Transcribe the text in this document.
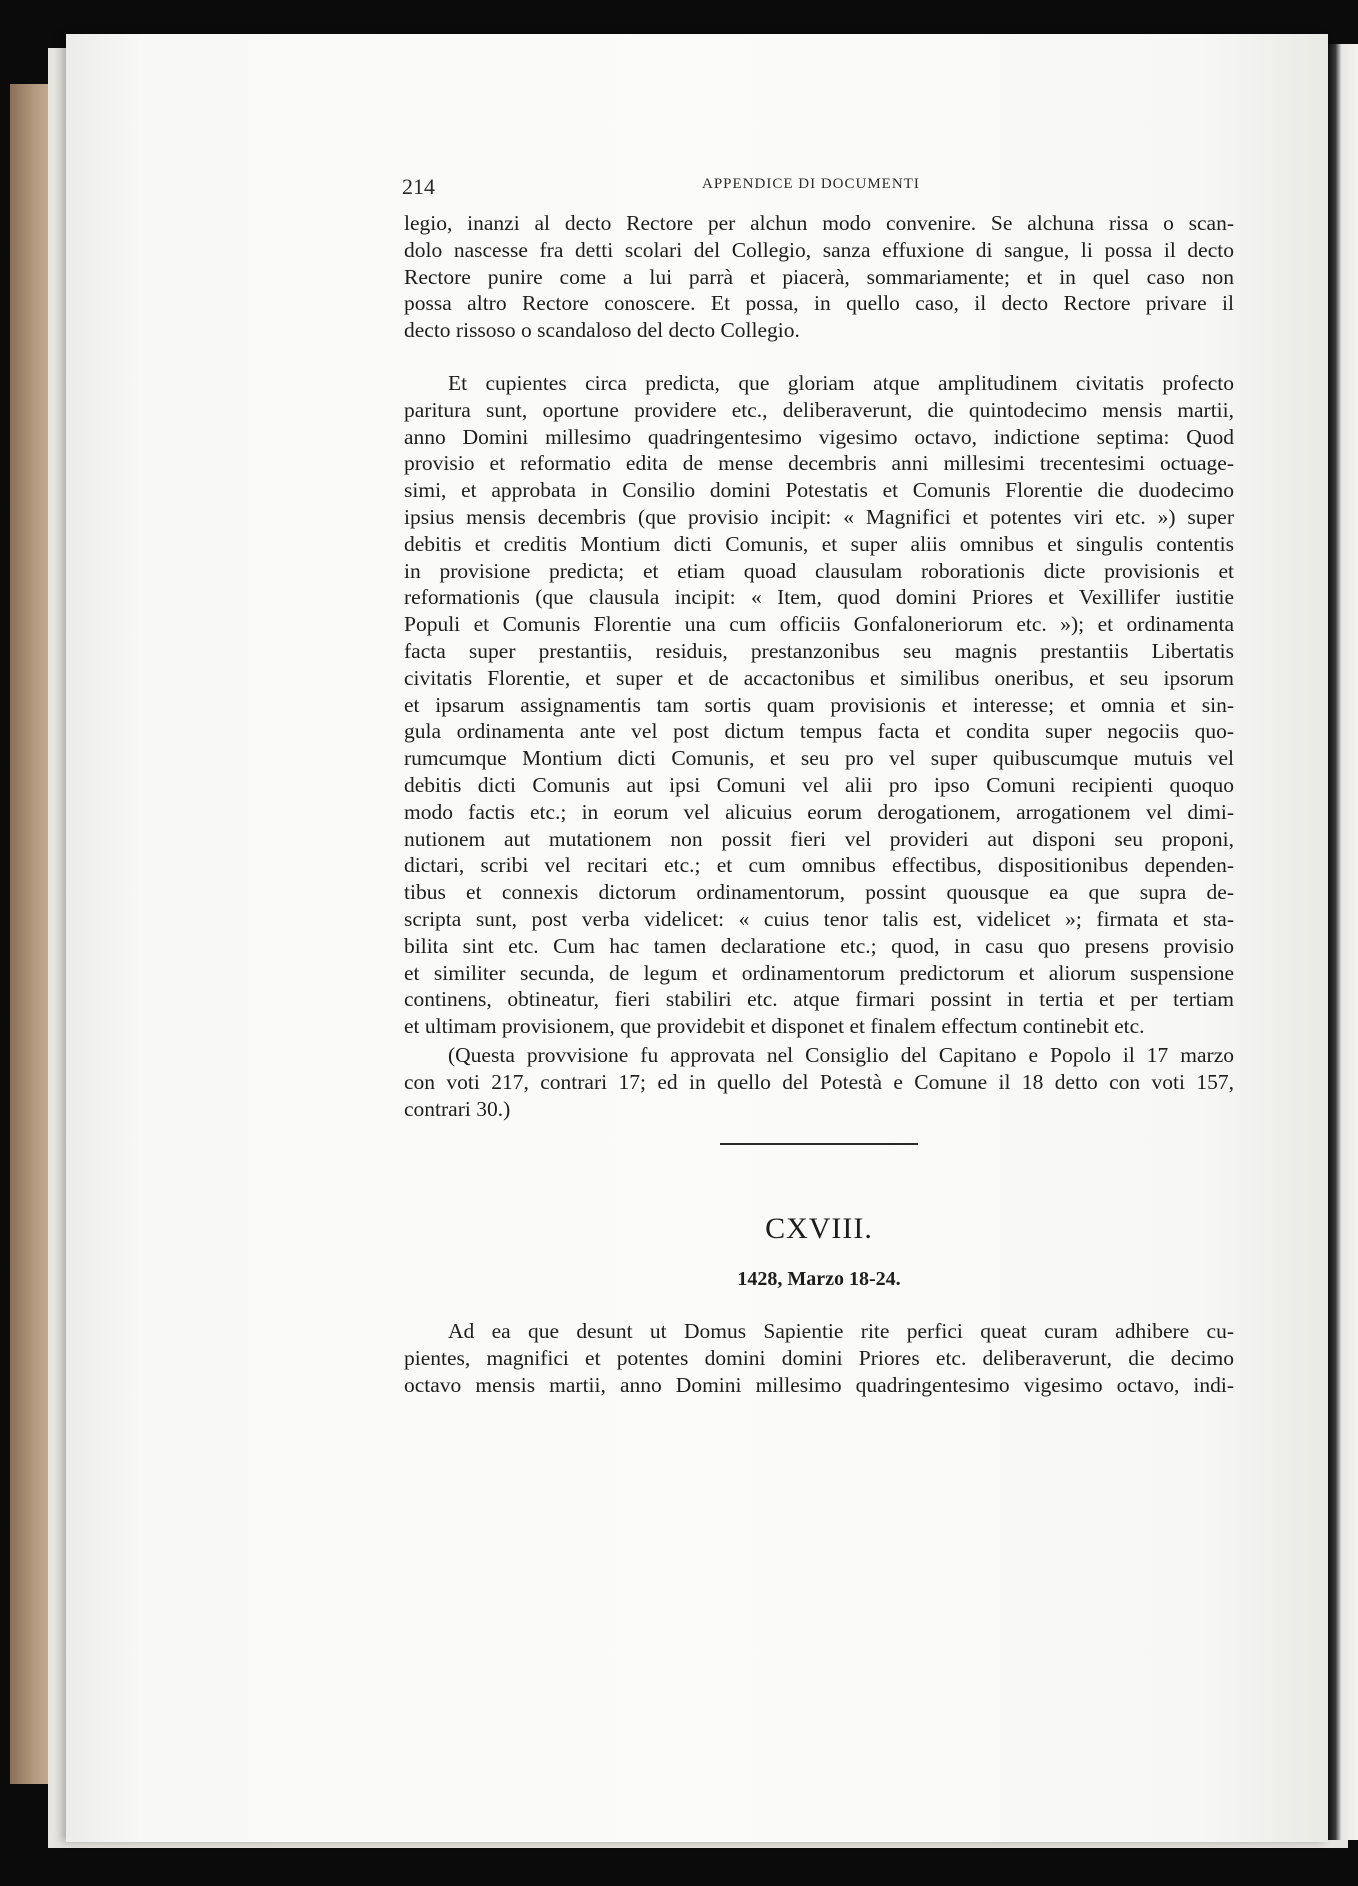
214	APPENDICE DI DOCUMENTI
legio, inanzi al decto Rectore per alchun modo convenire. Se alchuna rissa o scan-
dolo nascesse fra detti scolari del Collegio, sanza effuxione di sangue, li possa il decto
Rectore punire come a lui parrà et piacerà, sommariamente; et in quel caso non
possa altro Rectore conoscere. Et possa, in quello caso, il decto Rectore privare il
decto rissoso o scandaloso del decto Collegio.
Et cupientes circa predicta, que gloriam atque amplitudinem civitatis profecto
paritura sunt, oportune providere etc., deliberaverunt, die quintodecimo mensis martii,
anno Domini millesimo quadringentesimo vigesimo octavo, indictione septima: Quod
provisio et reformatio edita de mense decembris anni millesimi trecentesimi octuage-
simi, et approbata in Consilio domini Potestatis et Comunis Florentie die duodecimo
ipsius mensis decembris (que provisio incipit: « Magnifici et potentes viri etc. ») super
debitis et creditis Montium dicti Comunis, et super aliis omnibus et singulis contentis
in provisione predicta; et etiam quoad clausulam roborationis dicte provisionis et
reformationis (que clausula incipit: « Item, quod domini Priores et Vexillifer iustitie
Populi et Comunis Florentie una cum officiis Gonfaloneriorum etc. »); et ordinamenta
facta super prestantiis, residuis, prestanzonibus seu magnis prestantiis Libertatis
civitatis Florentie, et super et de accactonibus et similibus oneribus, et seu ipsorum
et ipsarum assignamentis tam sortis quam provisionis et interesse; et omnia et sin-
gula ordinamenta ante vel post dictum tempus facta et condita super negociis quo-
rumcumque Montium dicti Comunis, et seu pro vel super quibuscumque mutuis vel
debitis dicti Comunis aut ipsi Comuni vel alii pro ipso Comuni recipienti quoquo
modo factis etc.; in eorum vel alicuius eorum derogationem, arrogationem vel dimi-
nutionem aut mutationem non possit fieri vel provideri aut disponi seu proponi,
dictari, scribi vel recitari etc.; et cum omnibus effectibus, dispositionibus dependen-
tibus et connexis dictorum ordinamentorum, possint quousque ea que supra de-
scripta sunt, post verba videlicet: « cuius tenor talis est, videlicet »; firmata et sta-
bilita sint etc. Cum hac tamen declaratione etc.; quod, in casu quo presens provisio
et similiter secunda, de legum et ordinamentorum predictorum et aliorum suspensione
continens, obtineatur, fieri stabiliri etc. atque firmari possint in tertia et per tertiam
et ultimam provisionem, que providebit et disponet et finalem effectum continebit etc.
(Questa provvisione fu approvata nel Consiglio del Capitano e Popolo il 17 marzo
con voti 217, contrari 17; ed in quello del Potestà e Comune il 18 detto con voti 157,
contrari 30.)
CXVIII.
1428, Marzo 18-24.
Ad ea que desunt ut Domus Sapientie rite perfici queat curam adhibere cu-
pientes, magnifici et potentes domini domini Priores etc. deliberaverunt, die decimo
octavo mensis martii, anno Domini millesimo quadringentesimo vigesimo octavo, indi-
